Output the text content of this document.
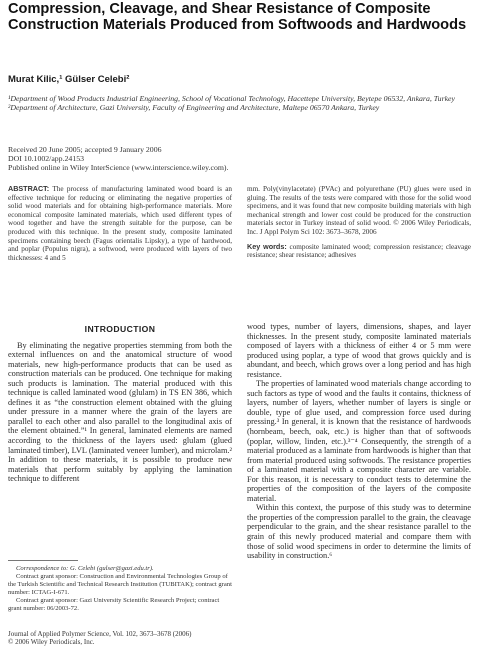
Compression, Cleavage, and Shear Resistance of Composite Construction Materials Produced from Softwoods and Hardwoods
Murat Kilic,¹ Gülser Celebi²
¹Department of Wood Products Industrial Engineering, School of Vocational Technology, Hacettepe University, Beytepe 06532, Ankara, Turkey
²Department of Architecture, Gazi University, Faculty of Engineering and Architecture, Maltepe 06570 Ankara, Turkey
Received 20 June 2005; accepted 9 January 2006
DOI 10.1002/app.24153
Published online in Wiley InterScience (www.interscience.wiley.com).
ABSTRACT: The process of manufacturing laminated wood board is an effective technique for reducing or eliminating the negative properties of solid wood materials and for obtaining high-performance materials. More economical composite laminated materials, which used different types of wood together and have the strength suitable for the purpose, can be produced with this technique. In the present study, composite laminated specimens containing beech (Fagus orientalis Lipsky), a type of hardwood, and poplar (Populus nigra), a softwood, were produced with layers of two thicknesses: 4 and 5
mm. Poly(vinylacetate) (PVAc) and polyurethane (PU) glues were used in gluing. The results of the tests were compared with those for the solid wood specimens, and it was found that new composite building materials with high mechanical strength and lower cost could be produced for the construction materials sector in Turkey instead of solid wood. © 2006 Wiley Periodicals, Inc. J Appl Polym Sci 102: 3673–3678, 2006
Key words: composite laminated wood; compression resistance; cleavage resistance; shear resistance; adhesives
INTRODUCTION

By eliminating the negative properties stemming from both the external influences on and the anatomical structure of wood materials, new high-performance products that can be used as construction materials can be produced. One technique for making such products is lamination. The material produced with this technique is called laminated wood (glulam) in TS EN 386, which defines it as “the construction element obtained with the gluing under pressure in a manner where the grain of the layers are parallel to each other and also parallel to the longitudinal axis of the element obtained.”¹ In general, laminated elements are named according to the thickness of the layers used: glulam (glued laminated timber), LVL (laminated veneer lumber), and microlam.² In addition to these materials, it is possible to produce new materials that perform suitably by applying the lamination technique to different

wood types, number of layers, dimensions, shapes, and layer thicknesses. In the present study, composite laminated materials composed of layers with a thickness of either 4 or 5 mm were produced using poplar, a type of wood that grows quickly and is abundant, and beech, which grows over a long period and has high resistance.

The properties of laminated wood materials change according to such factors as type of wood and the faults it contains, thickness of layers, number of layers, whether number of layers is single or double, type of glue used, and compression force used during pressing.³ In general, it is known that the resistance of hardwoods (hornbeam, beech, oak, etc.) is higher than that of softwoods (poplar, willow, linden, etc.).³⁻⁴ Consequently, the strength of a material produced as a laminate from hardwoods is higher than that from material produced using softwoods. The resistance properties of a laminated material with a composite character are variable. For this reason, it is necessary to conduct tests to determine the properties of the composition of the layers of the composite material.

Within this context, the purpose of this study was to determine the properties of the compression parallel to the grain, the cleavage perpendicular to the grain, and the shear resistance parallel to the grain of this newly produced material and compare them with those of solid wood specimens in order to determine the limits of usability in construction.⁶

Correspondence to: G. Celebi (gulser@gazi.edu.tr).
Contract grant sponsor: Construction and Environmental Technologies Group of the Turkish Scientific and Technical Research Institution (TUBITAK); contract grant number: ICTAG-I-671.
Contract grant sponsor: Gazi University Scientific Research Project; contract grant number: 06/2003-72.
Journal of Applied Polymer Science, Vol. 102, 3673–3678 (2006)
© 2006 Wiley Periodicals, Inc.
